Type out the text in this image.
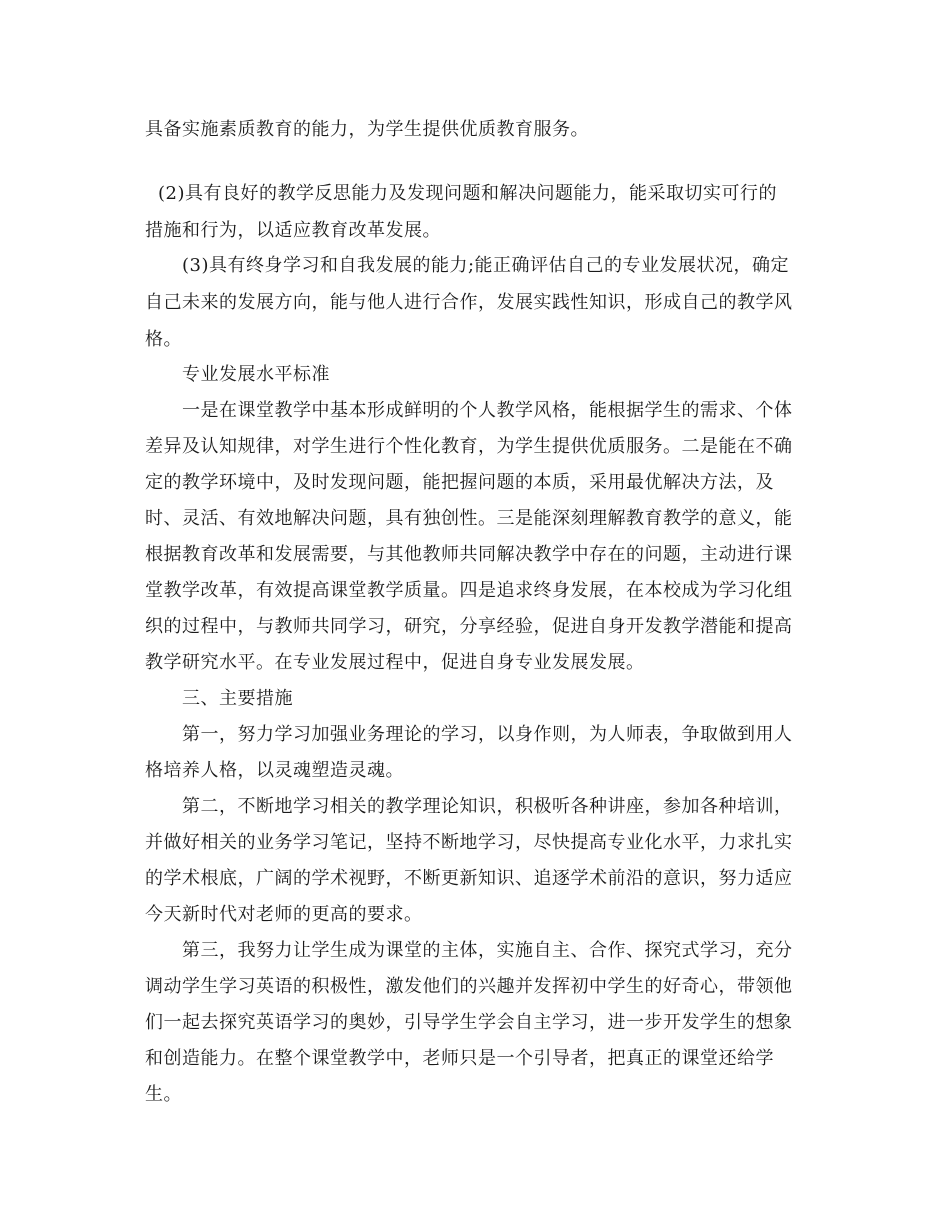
具备实施素质教育的能力，为学生提供优质教育服务。
(2)具有良好的教学反思能力及发现问题和解决问题能力，能采取切实可行的
措施和行为，以适应教育改革发展。
(3)具有终身学习和自我发展的能力;能正确评估自己的专业发展状况，确定
自己未来的发展方向，能与他人进行合作，发展实践性知识，形成自己的教学风
格。
专业发展水平标准
一是在课堂教学中基本形成鲜明的个人教学风格，能根据学生的需求、个体
差异及认知规律，对学生进行个性化教育，为学生提供优质服务。二是能在不确
定的教学环境中，及时发现问题，能把握问题的本质，采用最优解决方法，及
时、灵活、有效地解决问题，具有独创性。三是能深刻理解教育教学的意义，能
根据教育改革和发展需要，与其他教师共同解决教学中存在的问题，主动进行课
堂教学改革，有效提高课堂教学质量。四是追求终身发展，在本校成为学习化组
织的过程中，与教师共同学习，研究，分享经验，促进自身开发教学潜能和提高
教学研究水平。在专业发展过程中，促进自身专业发展发展。
三、主要措施
第一，努力学习加强业务理论的学习，以身作则，为人师表，争取做到用人
格培养人格，以灵魂塑造灵魂。
第二，不断地学习相关的教学理论知识，积极听各种讲座，参加各种培训，
并做好相关的业务学习笔记，坚持不断地学习，尽快提高专业化水平，力求扎实
的学术根底，广阔的学术视野，不断更新知识、追逐学术前沿的意识，努力适应
今天新时代对老师的更高的要求。
第三，我努力让学生成为课堂的主体，实施自主、合作、探究式学习，充分
调动学生学习英语的积极性，激发他们的兴趣并发挥初中学生的好奇心，带领他
们一起去探究英语学习的奥妙，引导学生学会自主学习，进一步开发学生的想象
和创造能力。在整个课堂教学中，老师只是一个引导者，把真正的课堂还给学
生。
